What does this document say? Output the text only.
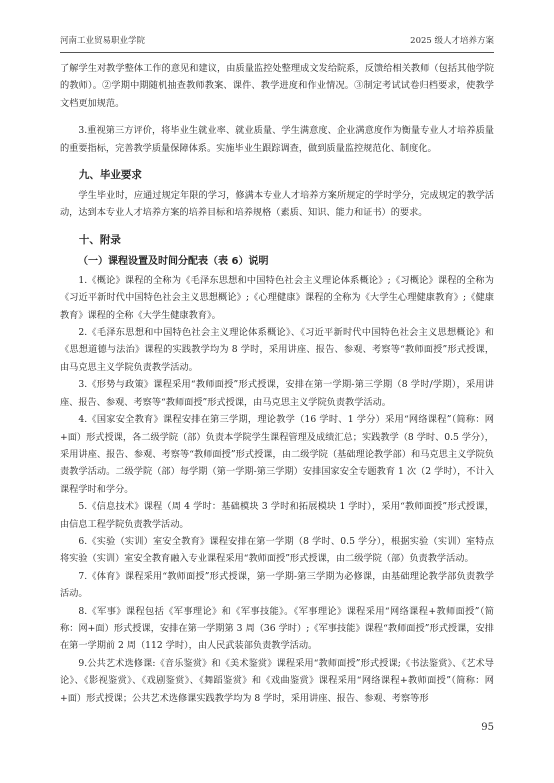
河南工业贸易职业学院	2025 级人才培养方案

了解学生对教学整体工作的意见和建议，由质量监控处整理成文发给院系，反馈给相关教师（包括其他学院的教师）。②学期中期随机抽查教师教案、课件、教学进度和作业情况。③制定考试试卷归档要求，使教学文档更加规范。

3.重视第三方评价，将毕业生就业率、就业质量、学生满意度、企业满意度作为衡量专业人才培养质量的重要指标，完善教学质量保障体系。实施毕业生跟踪调查，做到质量监控规范化、制度化。

九、毕业要求

学生毕业时，应通过规定年限的学习，修满本专业人才培养方案所规定的学时学分，完成规定的教学活动，达到本专业人才培养方案的培养目标和培养规格（素质、知识、能力和证书）的要求。

十、附录
（一）课程设置及时间分配表（表 6）说明

1.《概论》课程的全称为《毛泽东思想和中国特色社会主义理论体系概论》;《习概论》课程的全称为《习近平新时代中国特色社会主义思想概论》;《心理健康》课程的全称为《大学生心理健康教育》;《健康教育》课程的全称《大学生健康教育》。

2.《毛泽东思想和中国特色社会主义理论体系概论》、《习近平新时代中国特色社会主义思想概论》和《思想道德与法治》课程的实践教学均为 8 学时，采用讲座、报告、参观、考察等“教师面授”形式授课，由马克思主义学院负责教学活动。

3.《形势与政策》课程采用“教师面授”形式授课，安排在第一学期-第三学期（8 学时/学期），采用讲座、报告、参观、考察等“教师面授”形式授课，由马克思主义学院负责教学活动。

4.《国家安全教育》课程安排在第三学期，理论教学（16 学时、1 学分）采用“网络课程”（简称：网+面）形式授课，各二级学院（部）负责本学院学生课程管理及成绩汇总；实践教学（8 学时、0.5 学分），采用讲座、报告、参观、考察等“教师面授”形式授课，由二级学院（基础理论教学部）和马克思主义学院负责教学活动。二级学院（部）每学期（第一学期-第三学期）安排国家安全专题教育 1 次（2 学时），不计入课程学时和学分。

5.《信息技术》课程（周 4 学时：基础模块 3 学时和拓展模块 1 学时），采用“教师面授”形式授课，由信息工程学院负责教学活动。

6.《实验（实训）室安全教育》课程安排在第一学期（8 学时、0.5 学分），根据实验（实训）室特点将实验（实训）室安全教育融入专业课程采用“教师面授”形式授课，由二级学院（部）负责教学活动。

7.《体育》课程采用“教师面授”形式授课，第一学期-第三学期为必修课，由基础理论教学部负责教学活动。

8.《军事》课程包括《军事理论》和《军事技能》。《军事理论》课程采用“网络课程+教师面授”（简称：网+面）形式授课，安排在第一学期第 3 周（36 学时）;《军事技能》课程“教师面授”形式授课，安排在第一学期前 2 周（112 学时），由人民武装部负责教学活动。

9.公共艺术选修课:《音乐鉴赏》和《美术鉴赏》课程采用“教师面授”形式授课;《书法鉴赏》、《艺术导论》、《影视鉴赏》、《戏剧鉴赏》、《舞蹈鉴赏》和《戏曲鉴赏》课程采用“网络课程+教师面授”（简称：网+面）形式授课；公共艺术选修课实践教学均为 8 学时，采用讲座、报告、参观、考察等形

95
